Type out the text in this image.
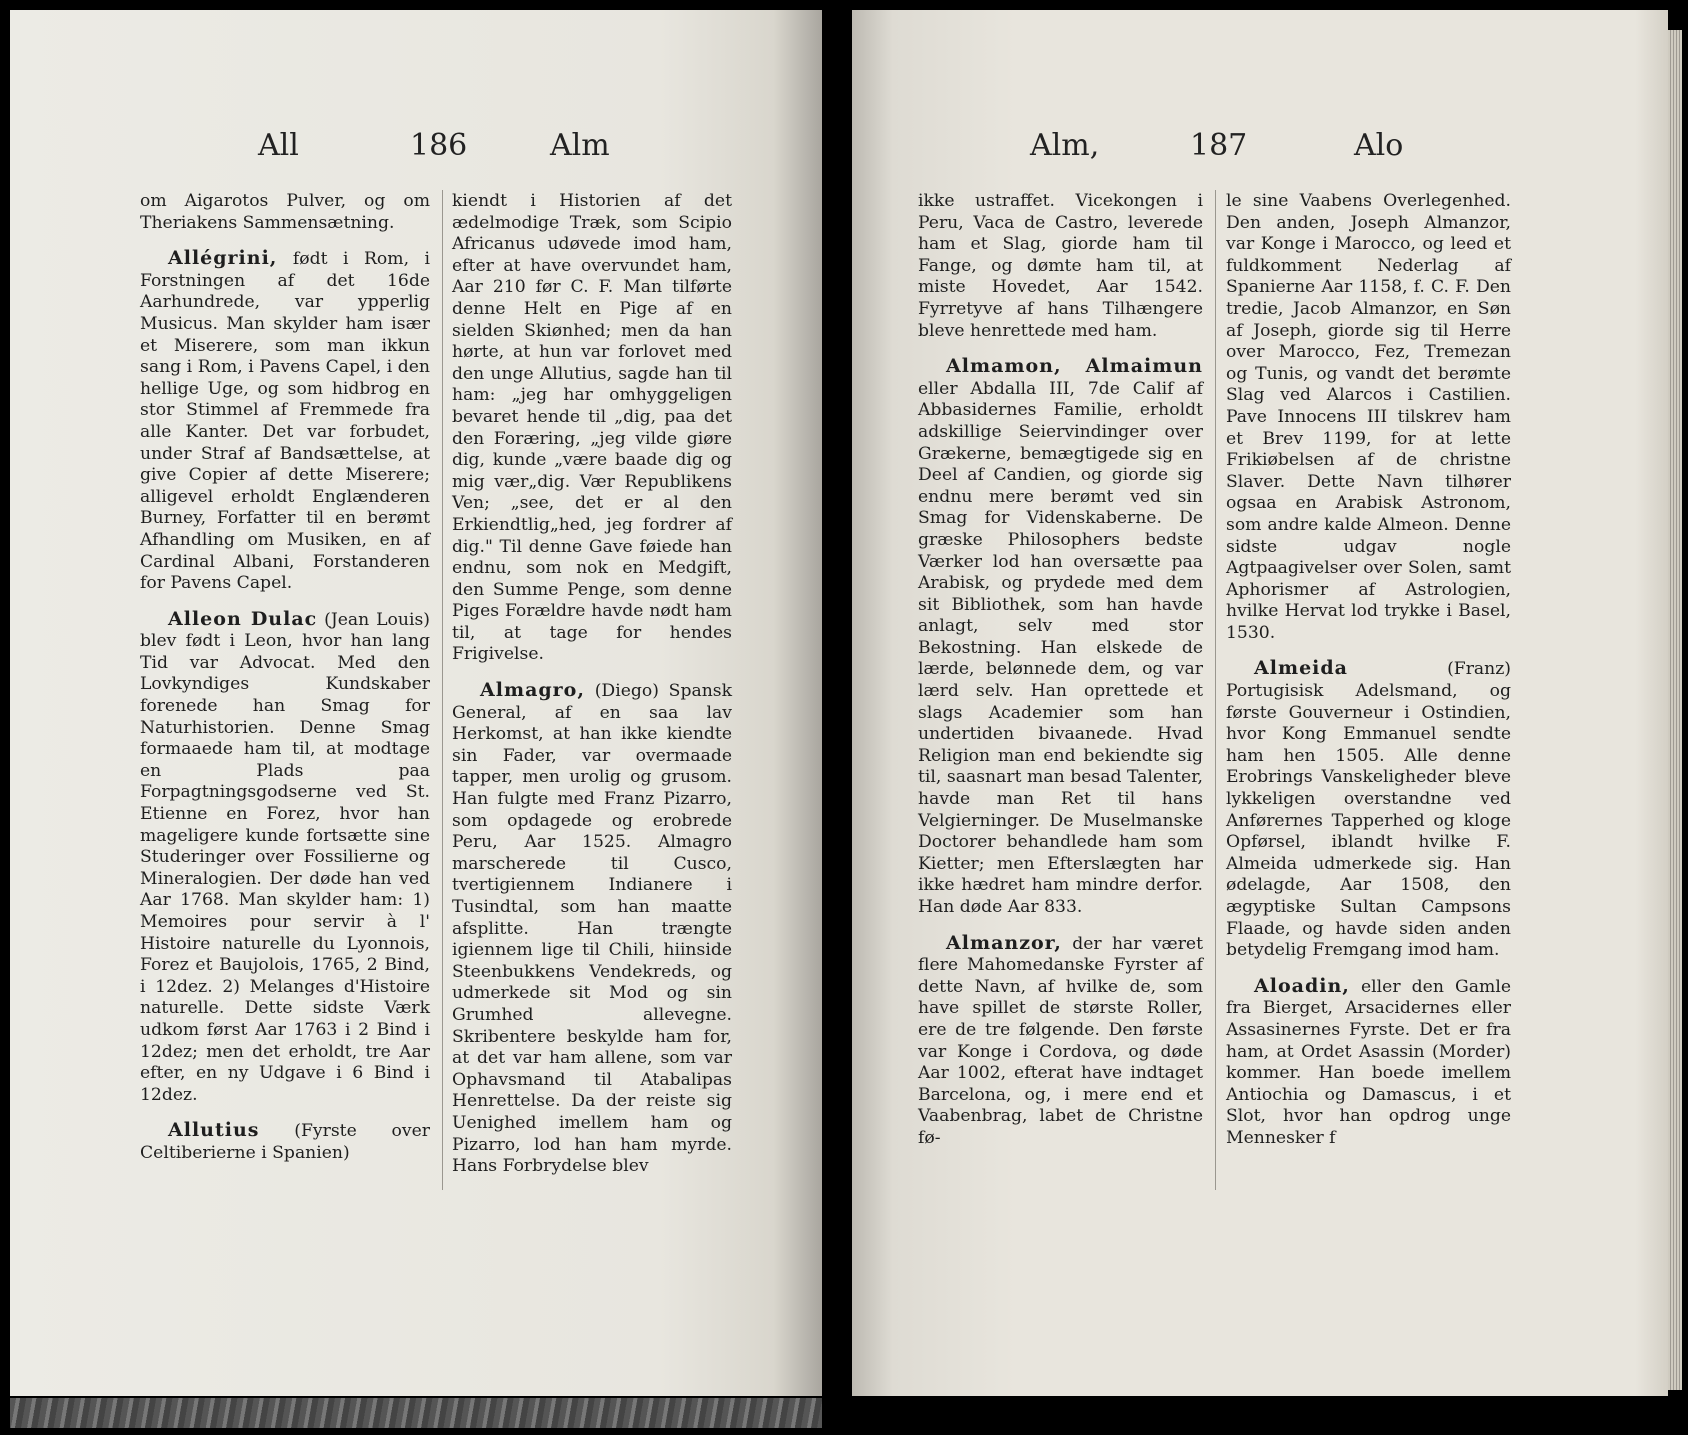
All	186	Alm

om Aigarotos Pulver, og om Theriakens Sammensætning.

Allégrini, født i Rom, i Forstningen af det 16de Aarhundrede, var ypperlig Musicus. Man skylder ham især et Miserere, som man ikkun sang i Rom, i Pavens Capel, i den hellige Uge, og som hidbrog en stor Stimmel af Fremmede fra alle Kanter. Det var forbudet, under Straf af Bandsættelse, at give Copier af dette Miserere; alligevel erholdt Englænderen Burney, Forfatter til en berømt Afhandling om Musiken, en af Cardinal Albani, Forstanderen for Pavens Capel.

Alleon Dulac (Jean Louis) blev født i Leon, hvor han lang Tid var Advocat. Med den Lovkyndiges Kundskaber forenede han Smag for Naturhistorien. Denne Smag formaaede ham til, at modtage en Plads paa Forpagtningsgodserne ved St. Etienne en Forez, hvor han mageligere kunde fortsætte sine Studeringer over Fossilierne og Mineralogien. Der døde han ved Aar 1768. Man skylder ham: 1) Memoires pour servir à l' Histoire naturelle du Lyonnois, Forez et Baujolois, 1765, 2 Bind, i 12dez. 2) Melanges d'Histoire naturelle. Dette sidste Værk udkom først Aar 1763 i 2 Bind i 12dez; men det erholdt, tre Aar efter, en ny Udgave i 6 Bind i 12dez.

Allutius (Fyrste over Celtiberierne i Spanien)

kiendt i Historien af det ædelmodige Træk, som Scipio Africanus udøvede imod ham, efter at have overvundet ham, Aar 210 før C. F. Man tilførte denne Helt en Pige af en sielden Skiønhed; men da han hørte, at hun var forlovet med den unge Allutius, sagde han til ham: „jeg har omhyggeligen bevaret hende til „dig, paa det den Foræring, „jeg vilde giøre dig, kunde „være baade dig og mig vær„dig. Vær Republikens Ven; „see, det er al den Erkiendtlig„hed, jeg fordrer af dig." Til denne Gave føiede han endnu, som nok en Medgift, den Summe Penge, som denne Piges Forældre havde nødt ham til, at tage for hendes Frigivelse.

Almagro, (Diego) Spansk General, af en saa lav Herkomst, at han ikke kiendte sin Fader, var overmaade tapper, men urolig og grusom. Han fulgte med Franz Pizarro, som opdagede og erobrede Peru, Aar 1525. Almagro marscherede til Cusco, tvertigiennem Indianere i Tusindtal, som han maatte afsplitte. Han trængte igiennem lige til Chili, hiinside Steenbukkens Vendekreds, og udmerkede sit Mod og sin Grumhed allevegne. Skribentere beskylde ham for, at det var ham allene, som var Ophavsmand til Atabalipas Henrettelse. Da der reiste sig Uenighed imellem ham og Pizarro, lod han ham myrde. Hans Forbrydelse blev

Alm,	187	Alo

ikke ustraffet. Vicekongen i Peru, Vaca de Castro, leverede ham et Slag, giorde ham til Fange, og dømte ham til, at miste Hovedet, Aar 1542. Fyrretyve af hans Tilhængere bleve henrettede med ham.

Almamon, Almaimun eller Abdalla III, 7de Calif af Abbasidernes Familie, erholdt adskillige Seiervindinger over Grækerne, bemægtigede sig en Deel af Candien, og giorde sig endnu mere berømt ved sin Smag for Videnskaberne. De græske Philosophers bedste Værker lod han oversætte paa Arabisk, og prydede med dem sit Bibliothek, som han havde anlagt, selv med stor Bekostning. Han elskede de lærde, belønnede dem, og var lærd selv. Han oprettede et slags Academier som han undertiden bivaanede. Hvad Religion man end bekiendte sig til, saasnart man besad Talenter, havde man Ret til hans Velgierninger. De Muselmanske Doctorer behandlede ham som Kietter; men Efterslægten har ikke hædret ham mindre derfor. Han døde Aar 833.

Almanzor, der har været flere Mahomedanske Fyrster af dette Navn, af hvilke de, som have spillet de største Roller, ere de tre følgende. Den første var Konge i Cordova, og døde Aar 1002, efterat have indtaget Barcelona, og, i mere end et Vaabenbrag, labet de Christne fø-

le sine Vaabens Overlegenhed. Den anden, Joseph Almanzor, var Konge i Marocco, og leed et fuldkomment Nederlag af Spanierne Aar 1158, f. C. F. Den tredie, Jacob Almanzor, en Søn af Joseph, giorde sig til Herre over Marocco, Fez, Tremezan og Tunis, og vandt det berømte Slag ved Alarcos i Castilien. Pave Innocens III tilskrev ham et Brev 1199, for at lette Frikiøbelsen af de christne Slaver. Dette Navn tilhører ogsaa en Arabisk Astronom, som andre kalde Almeon. Denne sidste udgav nogle Agtpaagivelser over Solen, samt Aphorismer af Astrologien, hvilke Hervat lod trykke i Basel, 1530.

Almeida	(Franz) Portugisisk Adelsmand, og første Gouverneur i Ostindien, hvor Kong Emmanuel sendte ham hen 1505. Alle denne Erobrings Vanskeligheder bleve lykkeligen overstandne ved Anførernes Tapperhed og kloge Opførsel, iblandt hvilke F. Almeida udmerkede sig. Han ødelagde, Aar 1508, den ægyptiske Sultan Campsons Flaade, og havde siden anden betydelig Fremgang imod ham.

Aloadin, eller den Gamle fra Bierget, Arsacidernes eller Assasinernes Fyrste. Det er fra ham, at Ordet Asassin (Morder) kommer. Han boede imellem Antiochia og Damascus, i et Slot, hvor han opdrog unge Mennesker f
